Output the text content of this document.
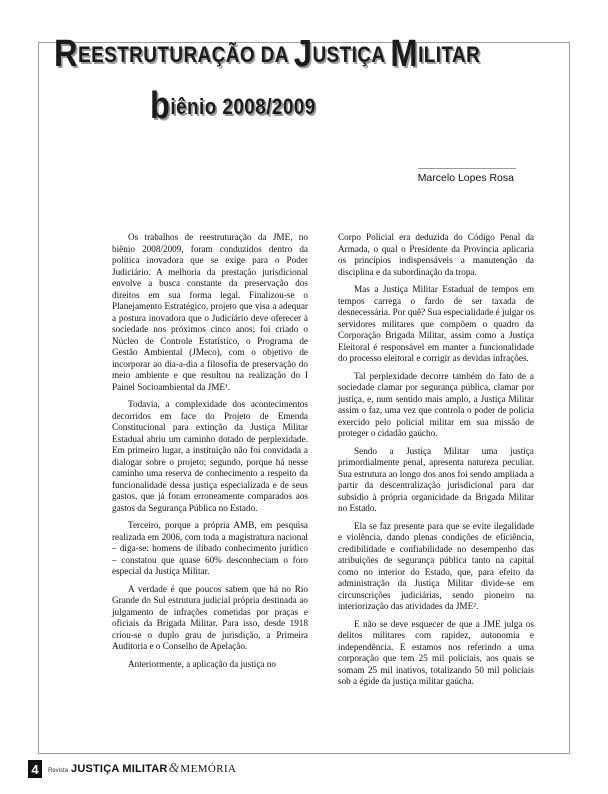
REESTRUTURAÇÃO DA JUSTIÇA MILITAR
biênio 2008/2009
Marcelo Lopes Rosa

Os trabalhos de reestruturação da JME, no biênio 2008/2009, foram conduzidos dentro da política inovadora que se exige para o Poder Judiciário. A melhoria da prestação jurisdicional envolve a busca constante da preservação dos direitos em sua forma legal. Finalizou-se o Planejamento Estratégico, projeto que visa a adequar a postura inovadora que o Judiciário deve oferecer à sociedade nos próximos cinco anos; foi criado o Núcleo de Controle Estatístico, o Programa de Gestão Ambiental (JMeco), com o objetivo de incorporar ao dia-a-dia a filosofia de preservação do meio ambiente e que resultou na realização do I Painel Socioambiental da JME¹.

Todavia, a complexidade dos acontecimentos decorridos em face do Projeto de Emenda Constitucional para extinção da Justiça Militar Estadual abriu um caminho dotado de perplexidade. Em primeiro lugar, a instituição não foi convidada a dialogar sobre o projeto; segundo, porque há nesse caminho uma reserva de conhecimento a respeito da funcionalidade dessa justiça especializada e de seus gastos, que já foram erroneamente comparados aos gastos da Segurança Pública no Estado.

Terceiro, porque a própria AMB, em pesquisa realizada em 2006, com toda a magistratura nacional – diga-se: homens de ilibado conhecimento jurídico – constatou que quase 60% desconheciam o foro especial da Justiça Militar.

A verdade é que poucos sabem que há no Rio Grande do Sul estrutura judicial própria destinada ao julgamento de infrações cometidas por praças e oficiais da Brigada Militar. Para isso, desde 1918 criou-se o duplo grau de jurisdição, a Primeira Auditoria e o Conselho de Apelação.

Anteriormente, a aplicação da justiça no

Corpo Policial era deduzida do Código Penal da Armada, o qual o Presidente da Província aplicaria os princípios indispensáveis a manutenção da disciplina e da subordinação da tropa.

Mas a Justiça Militar Estadual de tempos em tempos carrega o fardo de ser taxada de desnecessária. Por quê? Sua especialidade é julgar os servidores militares que compõem o quadro da Corporação Brigada Militar, assim como a Justiça Eleitoral é responsável em manter a funcionalidade do processo eleitoral e corrigir as devidas infrações.

Tal perplexidade decorre também do fato de a sociedade clamar por segurança pública, clamar por justiça, e, num sentido mais amplo, a Justiça Militar assim o faz, uma vez que controla o poder de polícia exercido pelo policial militar em sua missão de proteger o cidadão gaúcho.

Sendo a Justiça Militar uma justiça primordialmente penal, apresenta natureza peculiar. Sua estrutura ao longo dos anos foi sendo ampliada a partir da descentralização jurisdicional para dar subsídio à própria organicidade da Brigada Militar no Estado.

Ela se faz presente para que se evite ilegalidade e violência, dando plenas condições de eficiência, credibilidade e confiabilidade no desempenho das atribuições de segurança pública tanto na capital como no interior do Estado, que, para efeito da administração da Justiça Militar divide-se em circunscrições judiciárias, sendo pioneiro na interiorização das atividades da JME².

E não se deve esquecer de que a JME julga os delitos militares com rapidez, autonomia e independência. E estamos nos referindo a uma corporação que tem 25 mil policiais, aos quais se somam 25 mil inativos, totalizando 50 mil policiais sob a égide da justiça militar gaúcha.

4	Revista JUSTIÇA MILITAR & MEMÓRIA
